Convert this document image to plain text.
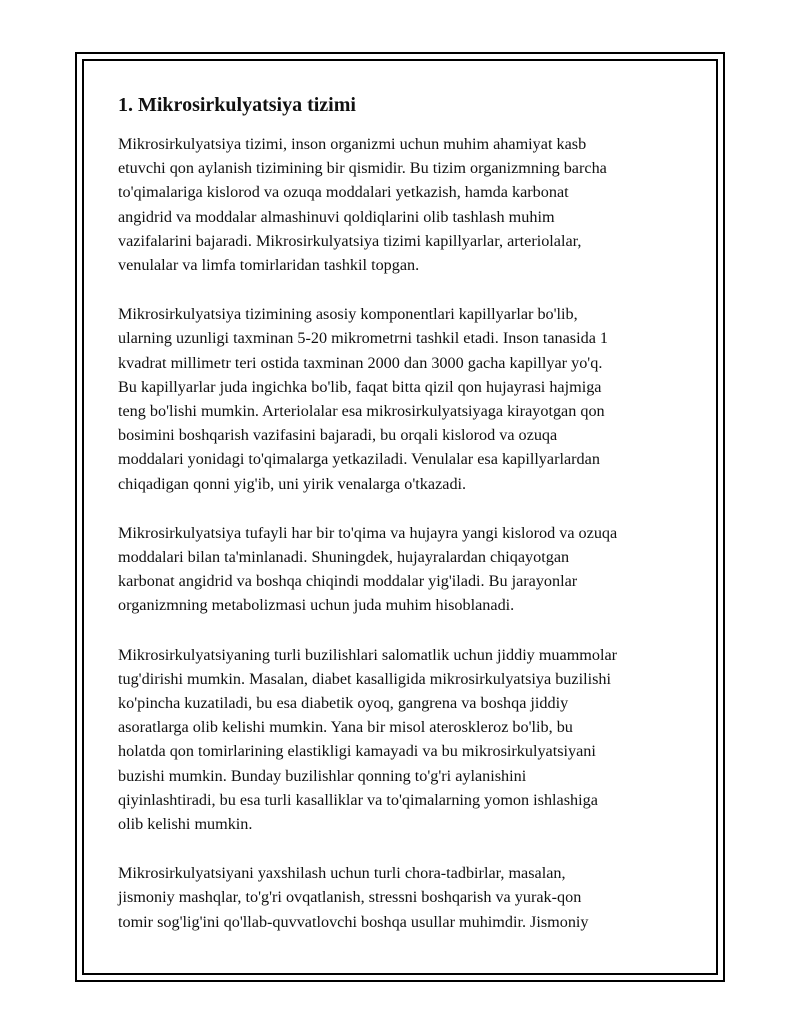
1. Mikrosirkulyatsiya tizimi

Mikrosirkulyatsiya tizimi, inson organizmi uchun muhim ahamiyat kasb
etuvchi qon aylanish tizimining bir qismidir. Bu tizim organizmning barcha
to'qimalariga kislorod va ozuqa moddalari yetkazish, hamda karbonat
angidrid va moddalar almashinuvi qoldiqlarini olib tashlash muhim
vazifalarini bajaradi. Mikrosirkulyatsiya tizimi kapillyarlar, arteriolalar,
venulalar va limfa tomirlaridan tashkil topgan.

Mikrosirkulyatsiya tizimining asosiy komponentlari kapillyarlar bo'lib,
ularning uzunligi taxminan 5-20 mikrometrni tashkil etadi. Inson tanasida 1
kvadrat millimetr teri ostida taxminan 2000 dan 3000 gacha kapillyar yo'q.
Bu kapillyarlar juda ingichka bo'lib, faqat bitta qizil qon hujayrasi hajmiga
teng bo'lishi mumkin. Arteriolalar esa mikrosirkulyatsiyaga kirayotgan qon
bosimini boshqarish vazifasini bajaradi, bu orqali kislorod va ozuqa
moddalari yonidagi to'qimalarga yetkaziladi. Venulalar esa kapillyarlardan
chiqadigan qonni yig'ib, uni yirik venalarga o'tkazadi.

Mikrosirkulyatsiya tufayli har bir to'qima va hujayra yangi kislorod va ozuqa
moddalari bilan ta'minlanadi. Shuningdek, hujayralardan chiqayotgan
karbonat angidrid va boshqa chiqindi moddalar yig'iladi. Bu jarayonlar
organizmning metabolizmasi uchun juda muhim hisoblanadi.

Mikrosirkulyatsiyaning turli buzilishlari salomatlik uchun jiddiy muammolar
tug'dirishi mumkin. Masalan, diabet kasalligida mikrosirkulyatsiya buzilishi
ko'pincha kuzatiladi, bu esa diabetik oyoq, gangrena va boshqa jiddiy
asoratlarga olib kelishi mumkin. Yana bir misol ateroskleroz bo'lib, bu
holatda qon tomirlarining elastikligi kamayadi va bu mikrosirkulyatsiyani
buzishi mumkin. Bunday buzilishlar qonning to'g'ri aylanishini
qiyinlashtiradi, bu esa turli kasalliklar va to'qimalarning yomon ishlashiga
olib kelishi mumkin.

Mikrosirkulyatsiyani yaxshilash uchun turli chora-tadbirlar, masalan,
jismoniy mashqlar, to'g'ri ovqatlanish, stressni boshqarish va yurak-qon
tomir sog'lig'ini qo'llab-quvvatlovchi boshqa usullar muhimdir. Jismoniy
